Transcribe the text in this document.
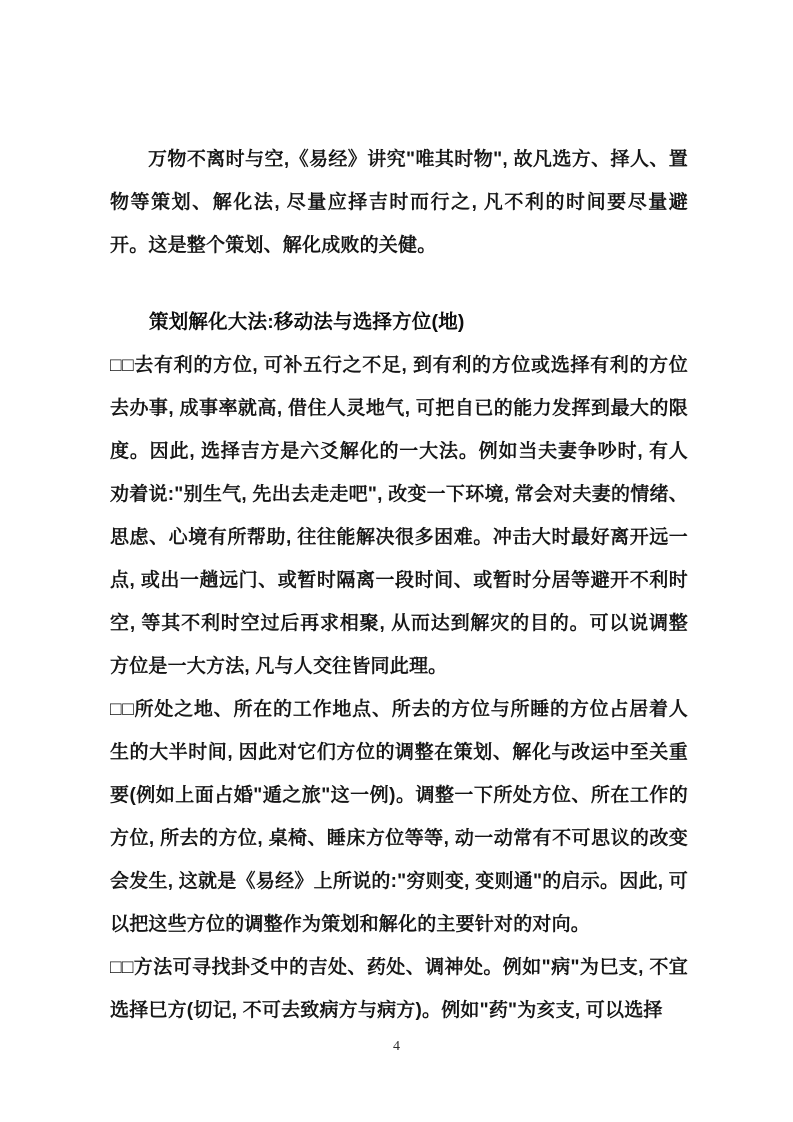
万物不离时与空,《易经》讲究"唯其时物", 故凡选方、择人、置物等策划、解化法, 尽量应择吉时而行之, 凡不利的时间要尽量避开。这是整个策划、解化成败的关健。

策划解化大法:移动法与选择方位(地)

□□去有利的方位, 可补五行之不足, 到有利的方位或选择有利的方位去办事, 成事率就高, 借住人灵地气, 可把自已的能力发挥到最大的限度。因此, 选择吉方是六爻解化的一大法。例如当夫妻争吵时, 有人劝着说:"别生气, 先出去走走吧", 改变一下环境, 常会对夫妻的情绪、思虑、心境有所帮助, 往往能解决很多困难。冲击大时最好离开远一点, 或出一趟远门、或暂时隔离一段时间、或暂时分居等避开不利时空, 等其不利时空过后再求相聚, 从而达到解灾的目的。可以说调整方位是一大方法, 凡与人交往皆同此理。

□□所处之地、所在的工作地点、所去的方位与所睡的方位占居着人生的大半时间, 因此对它们方位的调整在策划、解化与改运中至关重要(例如上面占婚"遁之旅"这一例)。调整一下所处方位、所在工作的方位, 所去的方位, 桌椅、睡床方位等等, 动一动常有不可思议的改变会发生, 这就是《易经》上所说的:"穷则变, 变则通"的启示。因此, 可以把这些方位的调整作为策划和解化的主要针对的对向。

□□方法可寻找卦爻中的吉处、药处、调神处。例如"病"为巳支, 不宜选择巳方(切记, 不可去致病方与病方)。例如"药"为亥支, 可以选择

4
